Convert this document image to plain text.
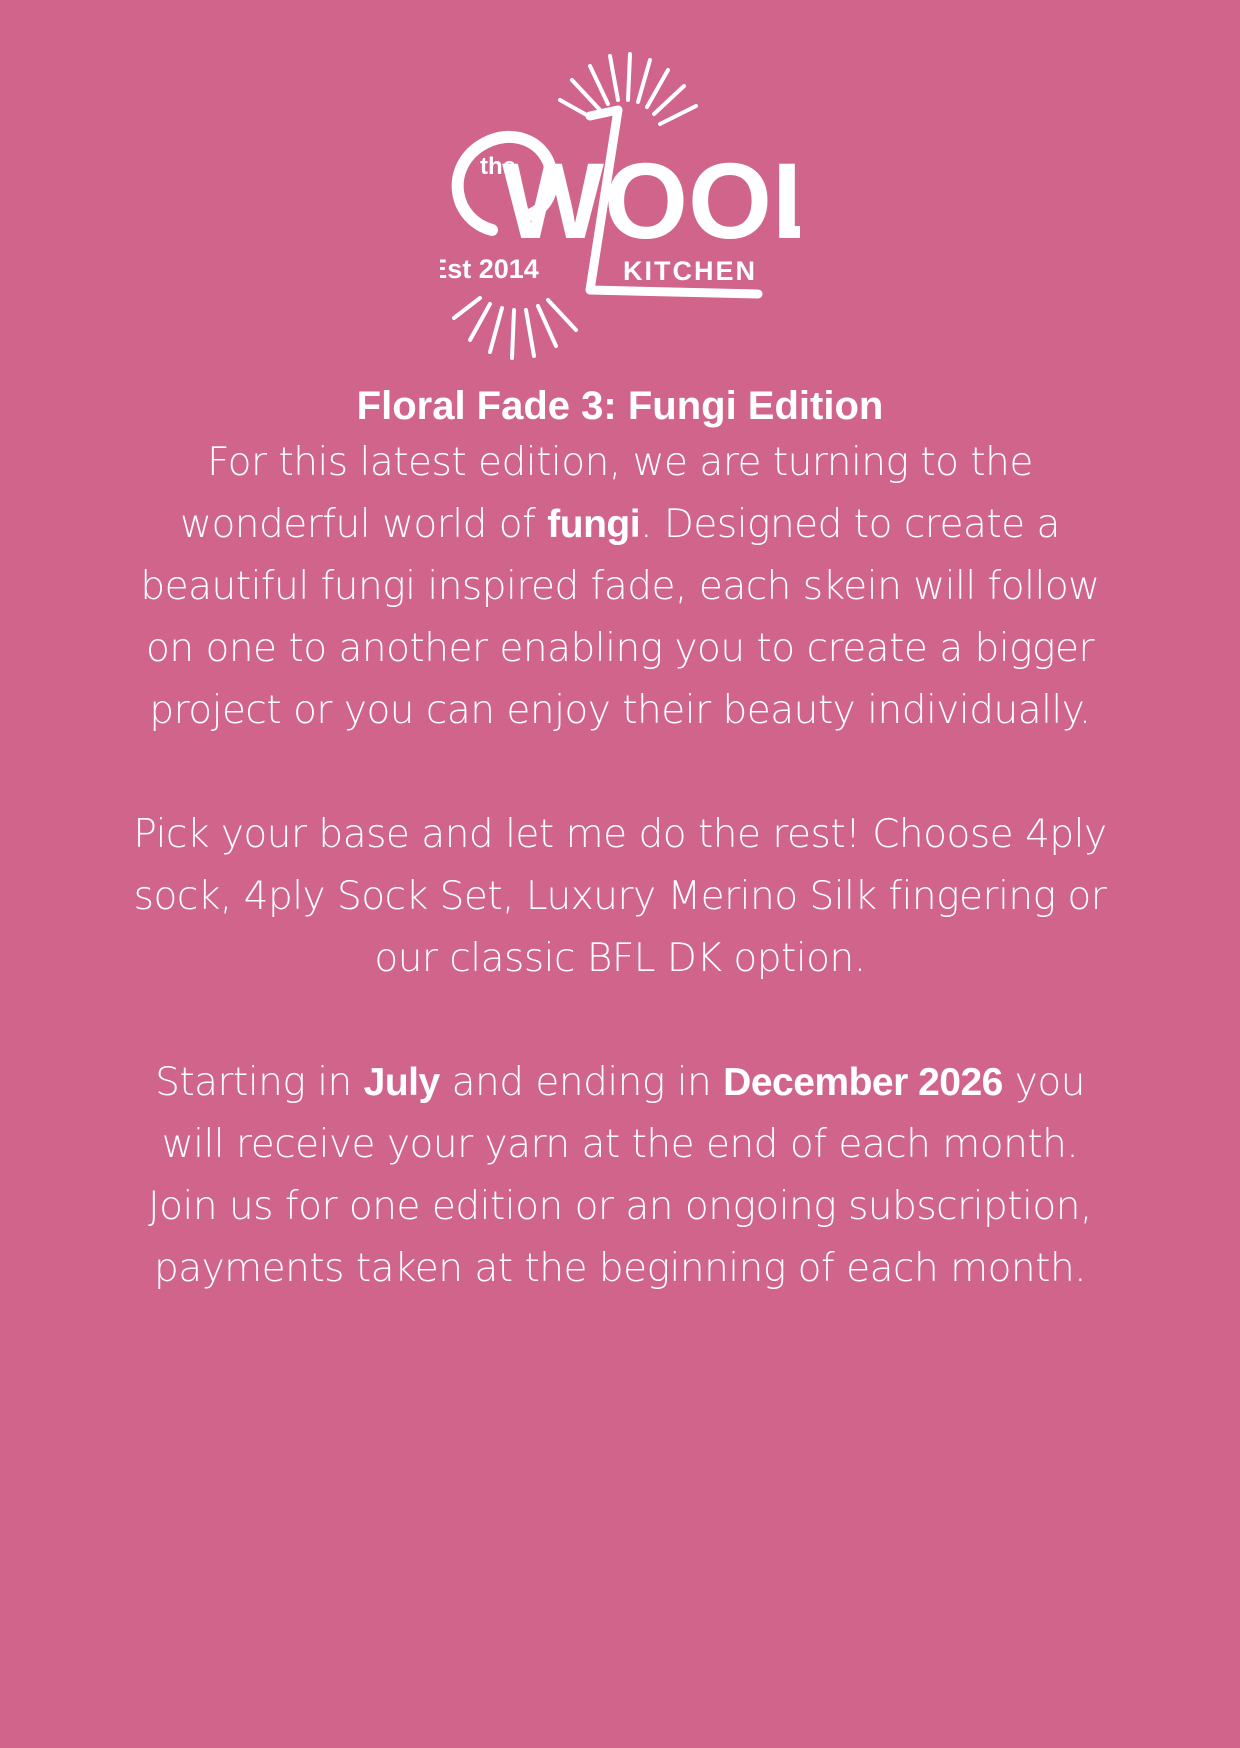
the
WOO
Est 2014	KITCHEN
Floral Fade 3: Fungi Edition

For this latest edition, we are turning to the wonderful world of fungi. Designed to create a beautiful fungi inspired fade, each skein will follow on one to another enabling you to create a bigger project or you can enjoy their beauty individually.

Pick your base and let me do the rest! Choose 4ply sock, 4ply Sock Set, Luxury Merino Silk fingering or our classic BFL DK option.

Starting in July and ending in December 2026 you will receive your yarn at the end of each month. Join us for one edition or an ongoing subscription, payments taken at the beginning of each month.
